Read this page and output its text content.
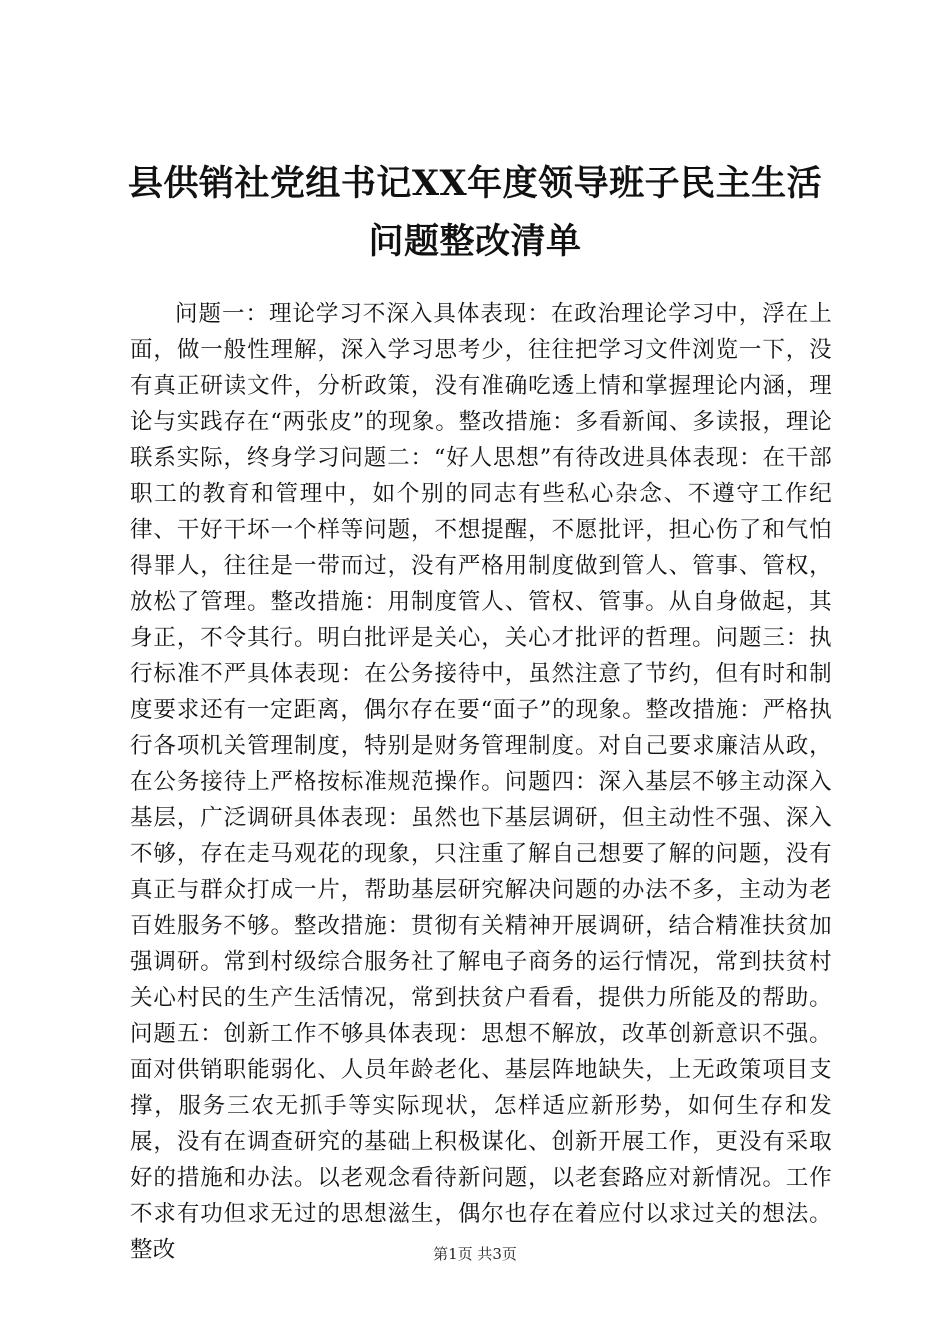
县供销社党组书记XX年度领导班子民主生活
问题整改清单

问题一：理论学习不深入具体表现：在政治理论学习中，浮在上面，做一般性理解，深入学习思考少，往往把学习文件浏览一下，没有真正研读文件，分析政策，没有准确吃透上情和掌握理论内涵，理论与实践存在“两张皮”的现象。整改措施：多看新闻、多读报，理论联系实际，终身学习问题二：“好人思想”有待改进具体表现：在干部职工的教育和管理中，如个别的同志有些私心杂念、不遵守工作纪律、干好干坏一个样等问题，不想提醒，不愿批评，担心伤了和气怕得罪人，往往是一带而过，没有严格用制度做到管人、管事、管权，放松了管理。整改措施：用制度管人、管权、管事。从自身做起，其身正，不令其行。明白批评是关心，关心才批评的哲理。问题三：执行标准不严具体表现：在公务接待中，虽然注意了节约，但有时和制度要求还有一定距离，偶尔存在要“面子”的现象。整改措施：严格执行各项机关管理制度，特别是财务管理制度。对自己要求廉洁从政，在公务接待上严格按标准规范操作。问题四：深入基层不够主动深入基层，广泛调研具体表现：虽然也下基层调研，但主动性不强、深入不够，存在走马观花的现象，只注重了解自己想要了解的问题，没有真正与群众打成一片，帮助基层研究解决问题的办法不多，主动为老百姓服务不够。整改措施：贯彻有关精神开展调研，结合精准扶贫加强调研。常到村级综合服务社了解电子商务的运行情况，常到扶贫村关心村民的生产生活情况，常到扶贫户看看，提供力所能及的帮助。问题五：创新工作不够具体表现：思想不解放，改革创新意识不强。面对供销职能弱化、人员年龄老化、基层阵地缺失，上无政策项目支撑，服务三农无抓手等实际现状，怎样适应新形势，如何生存和发展，没有在调查研究的基础上积极谋化、创新开展工作，更没有采取好的措施和办法。以老观念看待新问题，以老套路应对新情况。工作不求有功但求无过的思想滋生，偶尔也存在着应付以求过关的想法。整改	第1页 共3页
